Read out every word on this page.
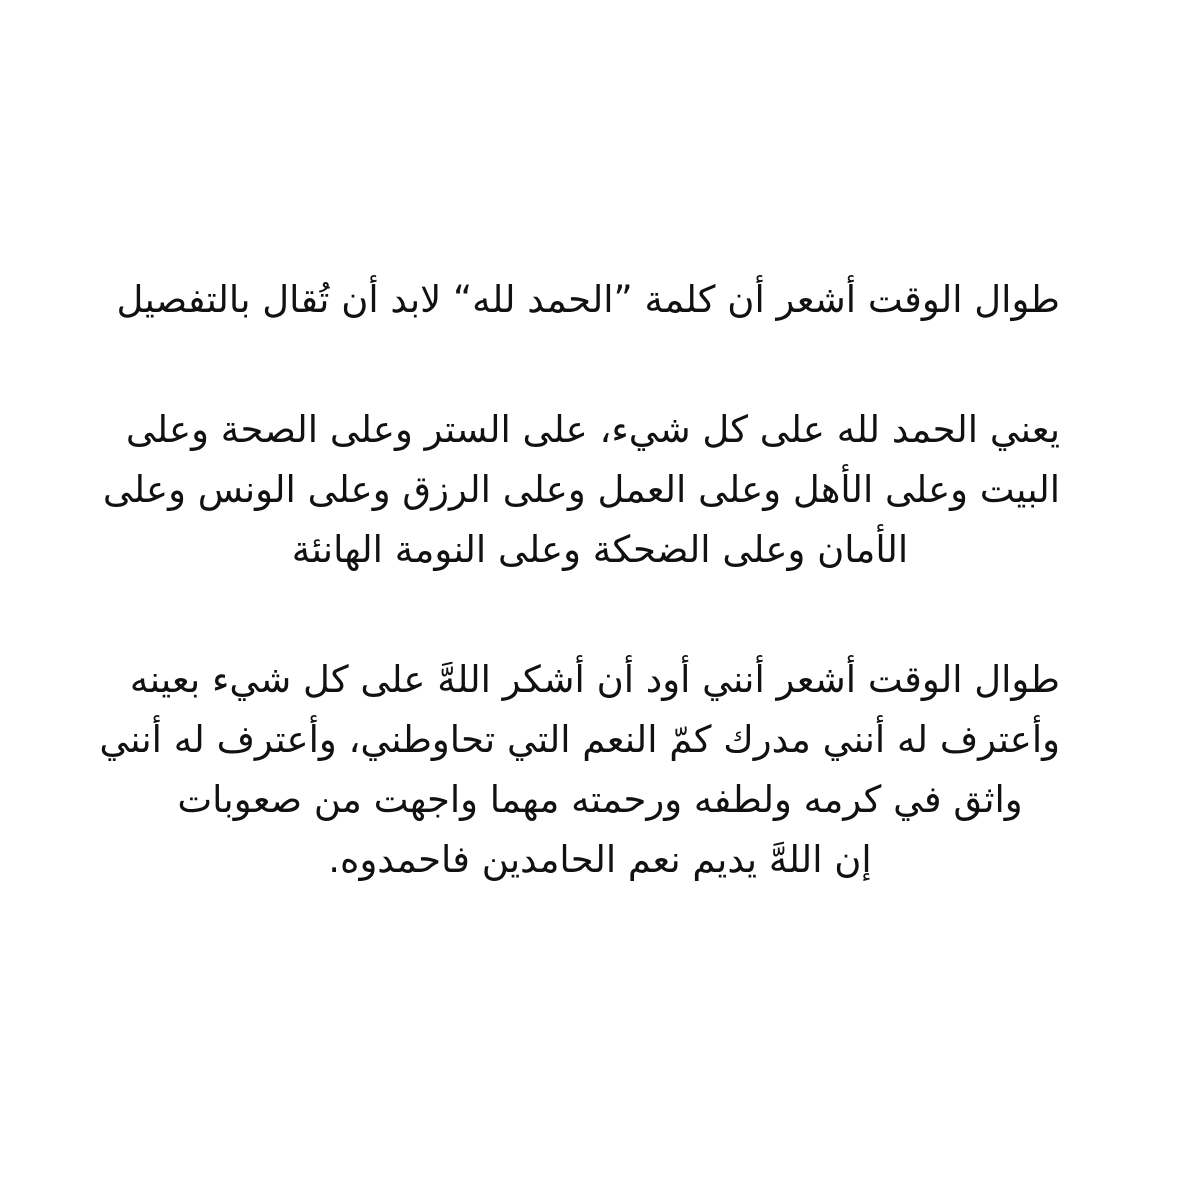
طوال الوقت أشعر أن كلمة ”الحمد لله“ لابد أن تُقال بالتفصيل
يعني الحمد لله على كل شيء، على الستر وعلى الصحة وعلى
البيت وعلى الأهل وعلى العمل وعلى الرزق وعلى الونس وعلى
الأمان وعلى الضحكة وعلى النومة الهانئة
طوال الوقت أشعر أنني أود أن أشكر اللهَّ على كل شيء بعينه
وأعترف له أنني مدرك كمّ النعم التي تحاوطني، وأعترف له أنني
واثق في كرمه ولطفه ورحمته مهما واجهت من صعوبات
إن اللهَّ يديم نعم الحامدين فاحمدوه.
